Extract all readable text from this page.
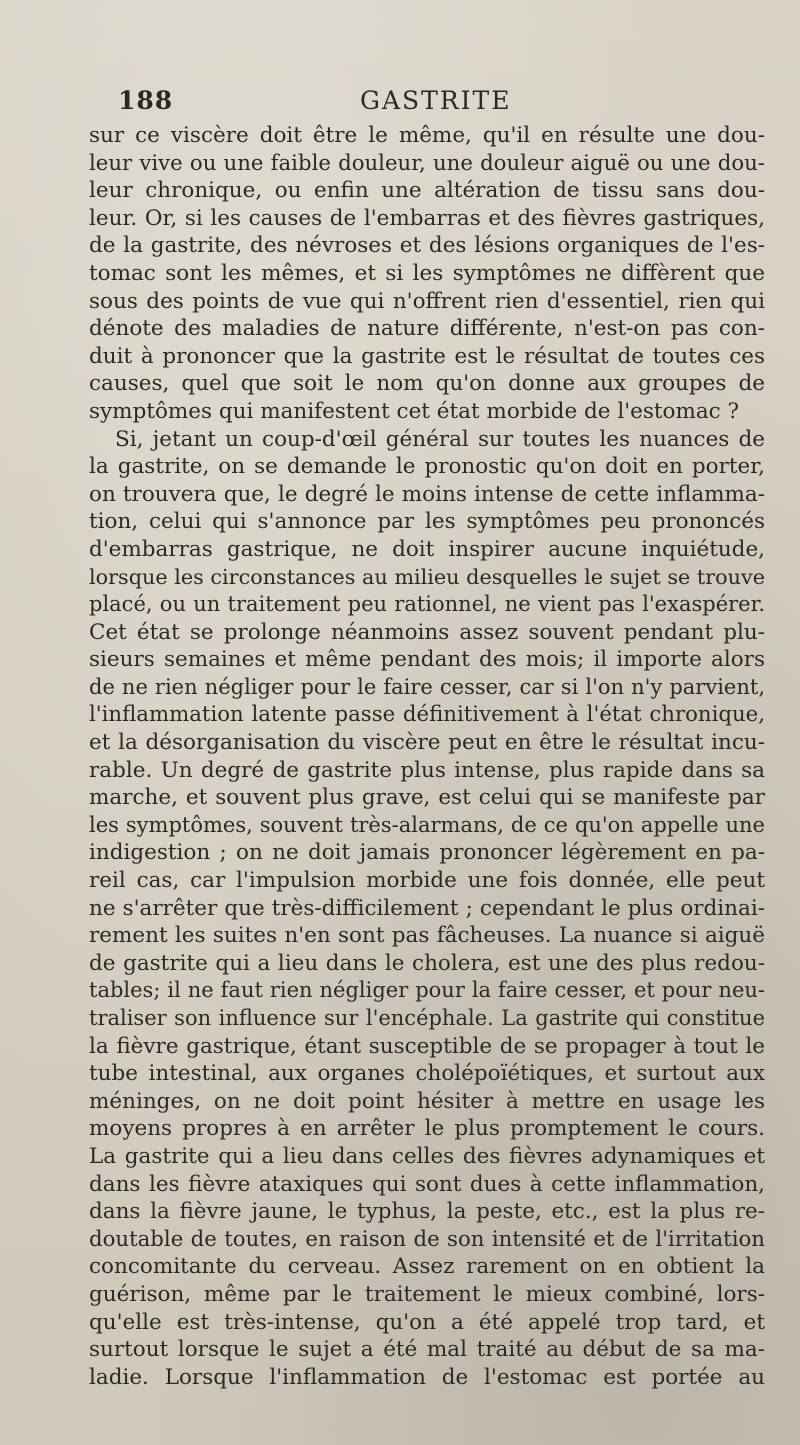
188	GASTRITE
sur ce viscère doit être le même, qu'il en résulte une dou-
leur vive ou une faible douleur, une douleur aiguë ou une dou-
leur chronique, ou enfin une altération de tissu sans dou-
leur. Or, si les causes de l'embarras et des fièvres gastriques,
de la gastrite, des névroses et des lésions organiques de l'es-
tomac sont les mêmes, et si les symptômes ne diffèrent que
sous des points de vue qui n'offrent rien d'essentiel, rien qui
dénote des maladies de nature différente, n'est-on pas con-
duit à prononcer que la gastrite est le résultat de toutes ces
causes, quel que soit le nom qu'on donne aux groupes de
symptômes qui manifestent cet état morbide de l'estomac ?
Si, jetant un coup-d'œil général sur toutes les nuances de
la gastrite, on se demande le pronostic qu'on doit en porter,
on trouvera que, le degré le moins intense de cette inflamma-
tion, celui qui s'annonce par les symptômes peu prononcés
d'embarras gastrique, ne doit inspirer aucune inquiétude,
lorsque les circonstances au milieu desquelles le sujet se trouve
placé, ou un traitement peu rationnel, ne vient pas l'exaspérer.
Cet état se prolonge néanmoins assez souvent pendant plu-
sieurs semaines et même pendant des mois; il importe alors
de ne rien négliger pour le faire cesser, car si l'on n'y parvient,
l'inflammation latente passe définitivement à l'état chronique,
et la désorganisation du viscère peut en être le résultat incu-
rable. Un degré de gastrite plus intense, plus rapide dans sa
marche, et souvent plus grave, est celui qui se manifeste par
les symptômes, souvent très-alarmans, de ce qu'on appelle une
indigestion ; on ne doit jamais prononcer légèrement en pa-
reil cas, car l'impulsion morbide une fois donnée, elle peut
ne s'arrêter que très-difficilement ; cependant le plus ordinai-
rement les suites n'en sont pas fâcheuses. La nuance si aiguë
de gastrite qui a lieu dans le cholera, est une des plus redou-
tables; il ne faut rien négliger pour la faire cesser, et pour neu-
traliser son influence sur l'encéphale. La gastrite qui constitue
la fièvre gastrique, étant susceptible de se propager à tout le
tube intestinal, aux organes cholépoïétiques, et surtout aux
méninges, on ne doit point hésiter à mettre en usage les
moyens propres à en arrêter le plus promptement le cours.
La gastrite qui a lieu dans celles des fièvres adynamiques et
dans les fièvre ataxiques qui sont dues à cette inflammation,
dans la fièvre jaune, le typhus, la peste, etc., est la plus re-
doutable de toutes, en raison de son intensité et de l'irritation
concomitante du cerveau. Assez rarement on en obtient la
guérison, même par le traitement le mieux combiné, lors-
qu'elle est très-intense, qu'on a été appelé trop tard, et
surtout lorsque le sujet a été mal traité au début de sa ma-
ladie. Lorsque l'inflammation de l'estomac est portée au
